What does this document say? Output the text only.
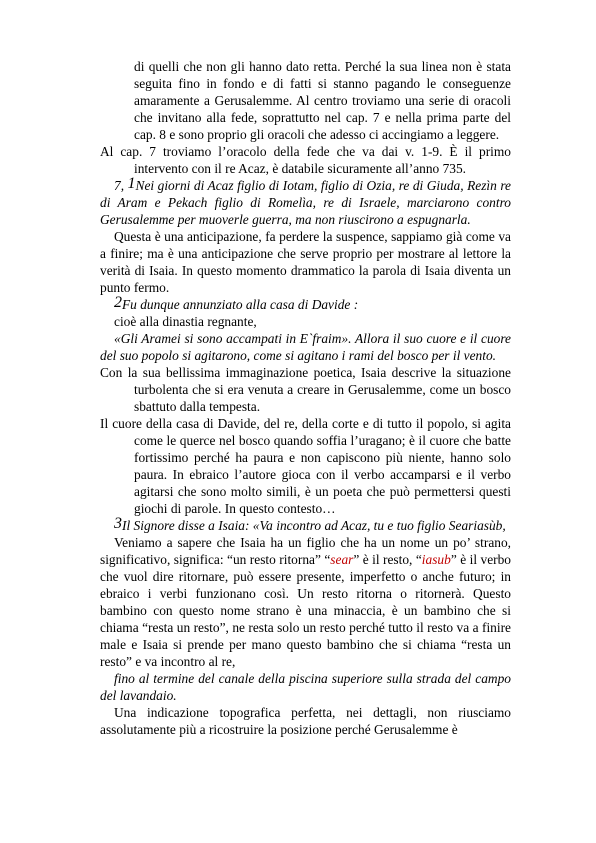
di quelli che non gli hanno dato retta. Perché la sua linea non è stata seguita fino in fondo e di fatti si stanno pagando le conseguenze amaramente a Gerusalemme. Al centro troviamo una serie di oracoli che invitano alla fede, soprattutto nel cap. 7 e nella prima parte del cap. 8 e sono proprio gli oracoli che adesso ci accingiamo a leggere.

Al cap. 7 troviamo l’oracolo della fede che va dai v. 1-9. È il primo intervento con il re Acaz, è databile sicuramente all’anno 735.

7, 1Nei giorni di Acaz figlio di Iotam, figlio di Ozia, re di Giuda, Rezìn re di Aram e Pekach figlio di Romelìa, re di Israele, marciarono contro Gerusalemme per muoverle guerra, ma non riuscirono a espugnarla.

Questa è una anticipazione, fa perdere la suspence, sappiamo già come va a finire; ma è una anticipazione che serve proprio per mostrare al lettore la verità di Isaia. In questo momento drammatico la parola di Isaia diventa un punto fermo.

2Fu dunque annunziato alla casa di Davide :

cioè alla dinastia regnante,

«Gli Aramei si sono accampati in E`fraim». Allora il suo cuore e il cuore del suo popolo si agitarono, come si agitano i rami del bosco per il vento.

Con la sua bellissima immaginazione poetica, Isaia descrive la situazione turbolenta che si era venuta a creare in Gerusalemme, come un bosco sbattuto dalla tempesta.

Il cuore della casa di Davide, del re, della corte e di tutto il popolo, si agita come le querce nel bosco quando soffia l’uragano; è il cuore che batte fortissimo perché ha paura e non capiscono più niente, hanno solo paura. In ebraico l’autore gioca con il verbo accamparsi e il verbo agitarsi che sono molto simili, è un poeta che può permettersi questi giochi di parole. In questo contesto…

3Il Signore disse a Isaia: «Va incontro ad Acaz, tu e tuo figlio Seariasùb,

Veniamo a sapere che Isaia ha un figlio che ha un nome un po’ strano, significativo, significa: “un resto ritorna” “sear” è il resto, “iasub” è il verbo che vuol dire ritornare, può essere presente, imperfetto o anche futuro; in ebraico i verbi funzionano così. Un resto ritorna o ritornerà. Questo bambino con questo nome strano è una minaccia, è un bambino che si chiama “resta un resto”, ne resta solo un resto perché tutto il resto va a finire male e Isaia si prende per mano questo bambino che si chiama “resta un resto” e va incontro al re,

fino al termine del canale della piscina superiore sulla strada del campo del lavandaio.

Una indicazione topografica perfetta, nei dettagli, non riusciamo assolutamente più a ricostruire la posizione perché Gerusalemme è
